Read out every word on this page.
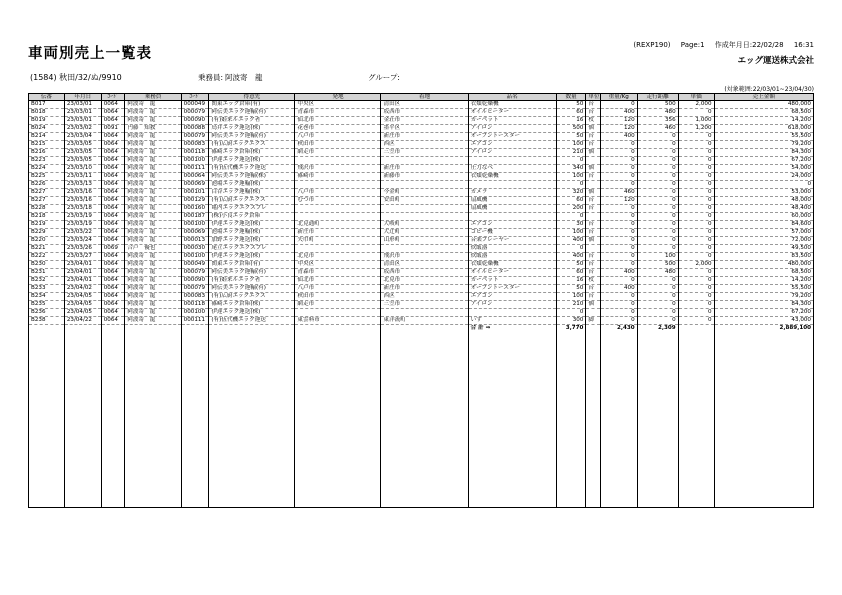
車両別売上一覧表
(REXP190) Page:1 作成年月日:22/02/28 16:31
エッグ運送株式会社
(1584) 秋田/32/ぬ/9910	乗務員: 阿波寄　龍	グループ:
(対象範囲:22/03/01~23/04/30)
伝番	年月日	ｺｰﾄﾞ	乗務員	ｺｰﾄﾞ	得意先	発地	着地	品名	数量	単位	重量/Kg	走行距離	単価	売上金額
B017	23/03/01	0064	阿波寄　龍	000049	関東エッグ倉庫(有)	中央区	清田区	衣類乾燥機	50	台	0	500	2,000	480,000
B018	23/03/01	0064	阿波寄　龍	000079	阿伝美エッグ運輸(有)	青森市	坂西市	オイルヒーター	60	台	400	480	0	68,500
B019	23/03/01	0064	阿波寄　龍	000090	(有)姫来ルエッグ者	仙北市	金荘市	カーペット	16	枚	120	356	1,000	14,200
B024	23/03/02	0091	円藤　知教	000088	鳥井エッグ運送(株)	花巻市	墨平区	アイロン	500	個	120	460	1,200	618,000
B214	23/03/04	0064	阿波寄　龍	000079	阿伝美エッグ運輸(有)	八戸市	新庄市	オーブントースター	50	台	400	0	0	55,500
B215	23/03/05	0064	阿波寄　龍	000083	(有)広厨エッグエクス	秋田市	西区	エアコン	100	台	0	0	0	79,200
B216	23/03/05	0064	阿波寄　龍	000118	篠崎エッグ倉庫(株)	網走市	三笠市	アイロン	210	個	0	0	0	84,300
B223	23/03/05	0064	阿波寄　龍	000100	伊達エッグ運送(株)				0		0	0	0	67,200
B224	23/03/10	0064	阿波寄　龍	000111	(有)伍代機エッグ運送	飛沢市	新庄市	圧力なべ	340	個	0	0	0	54,000
B225	23/03/11	0064	阿波寄　龍	000064	阿伝美エッグ運輸(株)	篠崎市	新藤市	衣類乾燥機	100	台	0	0	0	24,000
B226	23/03/13	0064	阿波寄　龍	000069	池場エッグ運輸(株)				0		0	0	0	0
B227	23/03/16	0064	阿波寄　龍	000101	白谷エッグ運輸(株)	八戸市	今金町	カメラ	320	個	460	0	0	53,000
B227	23/03/16	0064	阿波寄　龍	000129	(有)広厨エッグエクス	むつ市	安田町	扇風機	60	台	120	0	0	48,000
B228	23/03/18	0064	阿波寄　龍	000160	亀内エッグエクスプレ			扇風機	200	台	0	0	0	48,400
B218	23/03/19	0064	阿波寄　龍	000187	(株)小良エッグ倉庫				0		0	0	0	60,000
B219	23/03/19	0064	阿波寄　龍	000100	伊達エッグ運送(株)	北見通町	大岐町	エアコン	30	台	0	0	0	84,600
B229	23/03/22	0064	阿波寄　龍	000069	池場エッグ運輸(株)	新庄市	大辻町	コピー機	100	台	0	0	0	57,000
B220	23/03/24	0064	阿波寄　龍	000013	加野エッグ運送(株)	矢巾町	山形町	音楽プレーヤー	400	個	0	0	0	72,000
B221	23/03/26	0069	合戸　優也	000030	尾立エッグエクスプレ			炊飯器	0		0	0	0	49,500
B222	23/03/27	0064	阿波寄　龍	000100	伊達エッグ運送(株)	北見市	飛沢市	炊飯器	400	台	0	100	0	83,500
B230	23/04/01	0064	阿波寄　龍	000049	関東エッグ倉庫(有)	中央区	清田区	衣類乾燥機	50	台	0	500	2,000	480,000
B231	23/04/01	0064	阿波寄　龍	000079	阿伝美エッグ運輸(有)	青森市	坂西市	オイルヒーター	60	台	400	480	0	68,500
B232	23/04/01	0064	阿波寄　龍	000090	(有)姫来ルエッグ者	仙北市	北見市	カーペット	16	枚	0	0	0	14,200
B233	23/04/02	0064	阿波寄　龍	000079	阿伝美エッグ運輸(有)	八戸市	新庄市	オーブントースター	50	台	400	0	0	55,500
B234	23/04/05	0064	阿波寄　龍	000083	(有)広厨エッグエクス	秋田市	西区	エアコン	100	台	0	0	0	79,200
B235	23/04/05	0064	阿波寄　龍	000118	篠崎エッグ倉庫(株)	網走市	三笠市	アイロン	210	個	0	0	0	84,300
B236	23/04/05	0064	阿波寄　龍	000100	伊達エッグ運送(株)				0		0	0	0	67,200
B238	23/04/22	0064	阿波寄　龍	000111	(有)伍代機エッグ運送	東雲料市	東洋流町	いす	300	脚	0	0	0	43,000
								合 計 ⇒	3,770		2,430	2,309		2,889,100
